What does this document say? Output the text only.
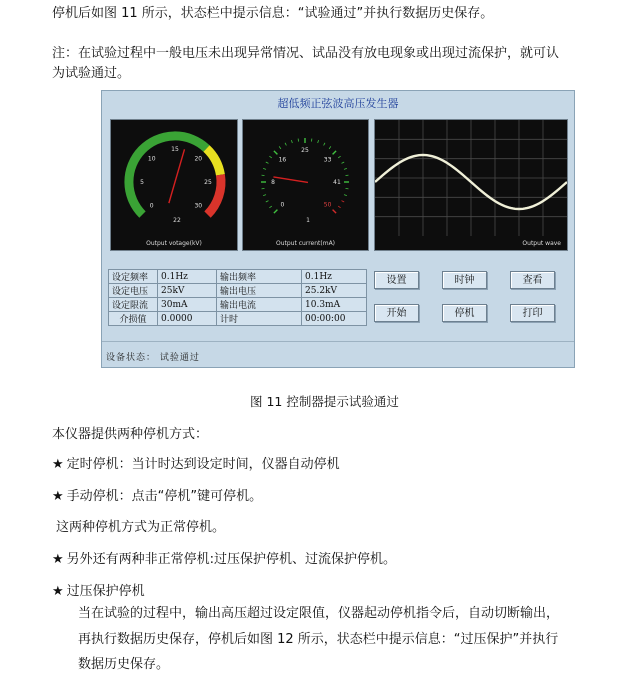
停机后如图 11 所示，状态栏中提示信息：“试验通过”并执行数据历史保存。
注：在试验过程中一般电压未出现异常情况、试品没有放电现象或出现过流保护，就可认
为试验通过。
超低频正弦波高压发生器
0
5
10
15
20
25
30
22
Output votage(kV)
0
8
16
25
33
41
50
1
Output current(mA)	Output wave
设定频率	0.1Hz	输出频率	0.1Hz
设定电压	25kV	输出电压	25.2kV
设定限流	30mA	输出电流	10.3mA
介损值	0.0000	计时	00:00:00
设置	时钟	查看
开始	停机	打印
设备状态： 试验通过
图 11 控制器提示试验通过
本仪器提供两种停机方式：
★ 定时停机：当计时达到设定时间，仪器自动停机
★ 手动停机：点击“停机”键可停机。
这两种停机方式为正常停机。
★ 另外还有两种非正常停机:过压保护停机、过流保护停机。
★ 过压保护停机
当在试验的过程中，输出高压超过设定限值，仪器起动停机指令后，自动切断输出，
再执行数据历史保存，停机后如图 12 所示，状态栏中提示信息：“过压保护”并执行
数据历史保存。
